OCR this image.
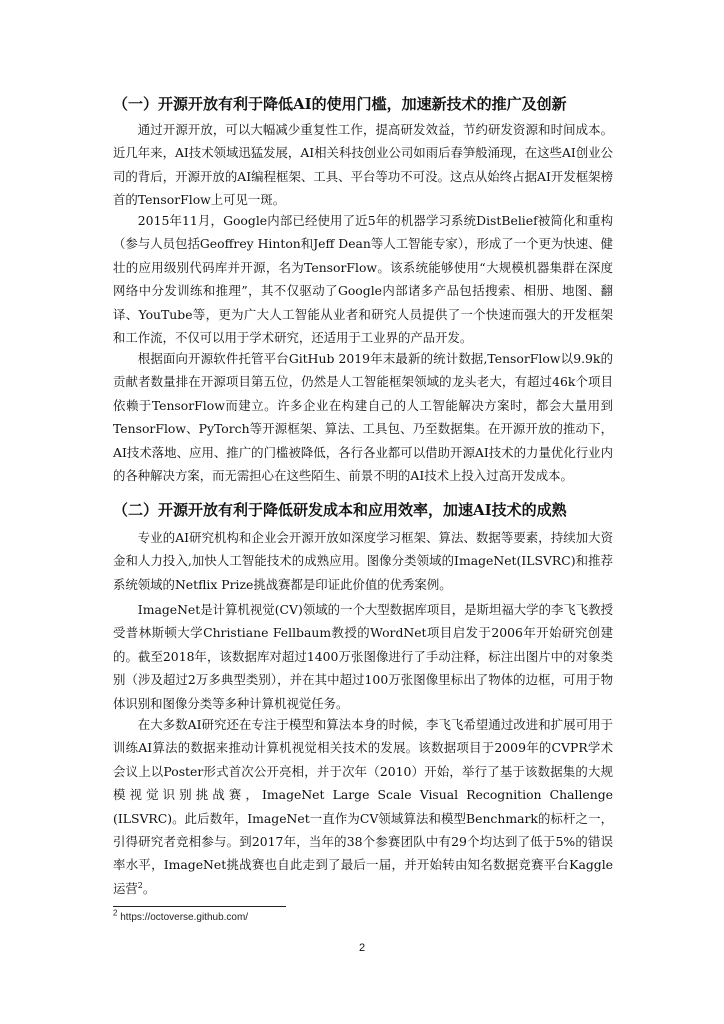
（一）开源开放有利于降低AI的使用门槛，加速新技术的推广及创新

通过开源开放，可以大幅减少重复性工作，提高研发效益，节约研发资源和时间成本。近几年来，AI技术领域迅猛发展，AI相关科技创业公司如雨后春笋般涌现，在这些AI创业公司的背后，开源开放的AI编程框架、工具、平台等功不可没。这点从始终占据AI开发框架榜首的TensorFlow上可见一斑。

2015年11月，Google内部已经使用了近5年的机器学习系统DistBelief被简化和重构（参与人员包括Geoffrey Hinton和Jeff Dean等人工智能专家），形成了一个更为快速、健壮的应用级别代码库并开源，名为TensorFlow。该系统能够使用“大规模机器集群在深度网络中分发训练和推理”，其不仅驱动了Google内部诸多产品包括搜索、相册、地图、翻译、YouTube等，更为广大人工智能从业者和研究人员提供了一个快速而强大的开发框架和工作流，不仅可以用于学术研究，还适用于工业界的产品开发。

根据面向开源软件托管平台GitHub 2019年末最新的统计数据,TensorFlow以9.9k的贡献者数量排在开源项目第五位，仍然是人工智能框架领域的龙头老大，有超过46k个项目依赖于TensorFlow而建立。许多企业在构建自己的人工智能解决方案时，都会大量用到TensorFlow、PyTorch等开源框架、算法、工具包、乃至数据集。在开源开放的推动下，AI技术落地、应用、推广的门槛被降低，各行各业都可以借助开源AI技术的力量优化行业内的各种解决方案，而无需担心在这些陌生、前景不明的AI技术上投入过高开发成本。

（二）开源开放有利于降低研发成本和应用效率，加速AI技术的成熟

专业的AI研究机构和企业会开源开放如深度学习框架、算法、数据等要素，持续加大资金和人力投入,加快人工智能技术的成熟应用。图像分类领域的ImageNet(ILSVRC)和推荐系统领域的Netflix Prize挑战赛都是印证此价值的优秀案例。

ImageNet是计算机视觉(CV)领域的一个大型数据库项目，是斯坦福大学的李飞飞教授受普林斯顿大学Christiane Fellbaum教授的WordNet项目启发于2006年开始研究创建的。截至2018年，该数据库对超过1400万张图像进行了手动注释，标注出图片中的对象类别（涉及超过2万多典型类别），并在其中超过100万张图像里标出了物体的边框，可用于物体识别和图像分类等多种计算机视觉任务。

在大多数AI研究还在专注于模型和算法本身的时候，李飞飞希望通过改进和扩展可用于训练AI算法的数据来推动计算机视觉相关技术的发展。该数据项目于2009年的CVPR学术会议上以Poster形式首次公开亮相，并于次年（2010）开始，举行了基于该数据集的大规模视觉识别挑战赛，ImageNet Large Scale Visual Recognition Challenge (ILSVRC)。此后数年，ImageNet一直作为CV领域算法和模型Benchmark的标杆之一，引得研究者竞相参与。到2017年，当年的38个参赛团队中有29个均达到了低于5%的错误率水平，ImageNet挑战赛也自此走到了最后一届，并开始转由知名数据竞赛平台Kaggle运营$^2$。

$^2$ https://octoverse.github.com/
2
